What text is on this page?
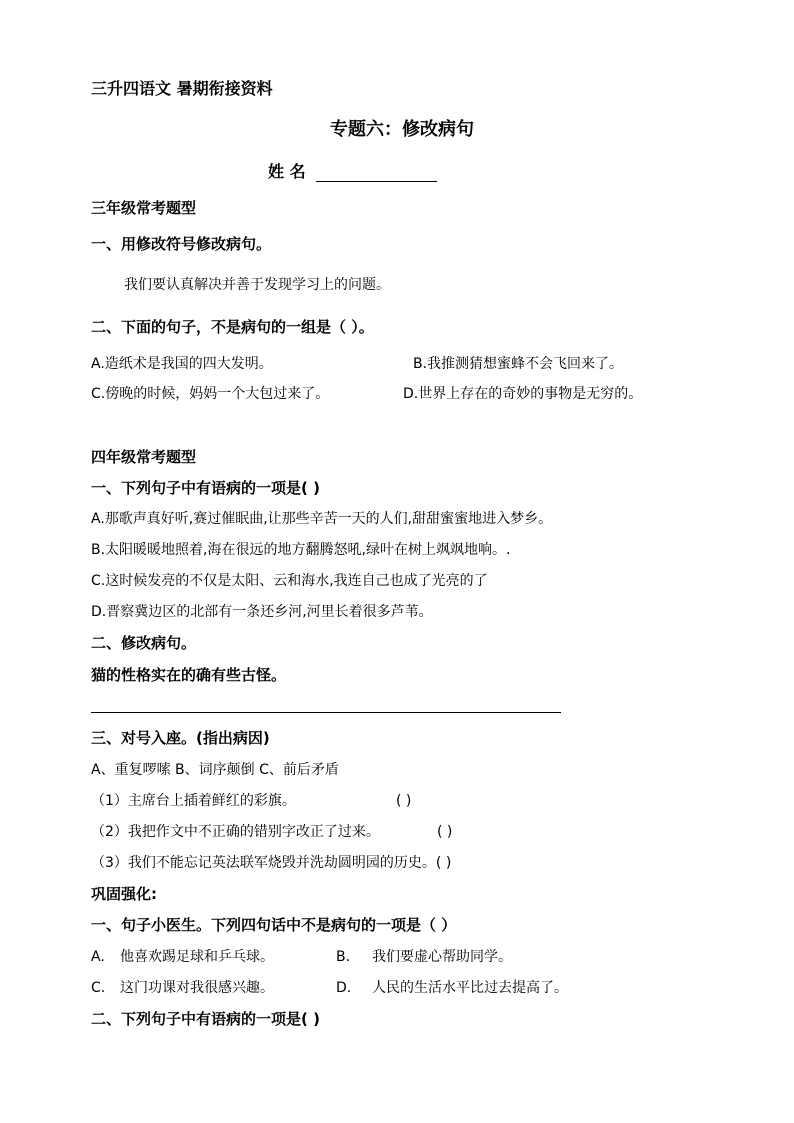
三升四语文 暑期衔接资料
专题六：修改病句
姓 名
三年级常考题型
一、用修改符号修改病句。
我们要认真解决并善于发现学习上的问题。
二、下面的句子，不是病句的一组是（ ）。
A.造纸术是我国的四大发明。	B.我推测猜想蜜蜂不会飞回来了。
C.傍晚的时候，妈妈一个大包过来了。	D.世界上存在的奇妙的事物是无穷的。
四年级常考题型
一、下列句子中有语病的一项是( )
A.那歌声真好听,赛过催眠曲,让那些辛苦一天的人们,甜甜蜜蜜地进入梦乡。
B.太阳暖暖地照着,海在很远的地方翻腾怒吼,绿叶在树上飒飒地响。.
C.这时候发亮的不仅是太阳、云和海水,我连自己也成了光亮的了
D.晋察冀边区的北部有一条还乡河,河里长着很多芦苇。
二、修改病句。
猫的性格实在的确有些古怪。
三、对号入座。(指出病因)
A、重复啰嗦 B、词序颠倒 C、前后矛盾
（1）主席台上插着鲜红的彩旗。	( )
（2）我把作文中不正确的错别字改正了过来。	( )
（3）我们不能忘记英法联军烧毁并洗劫圆明园的历史。( )
巩固强化:
一、句子小医生。下列四句话中不是病句的一项是（ ）
A. 他喜欢踢足球和乒乓球。	B. 我们要虚心帮助同学。
C. 这门功课对我很感兴趣。	D. 人民的生活水平比过去提高了。
二、下列句子中有语病的一项是( )
